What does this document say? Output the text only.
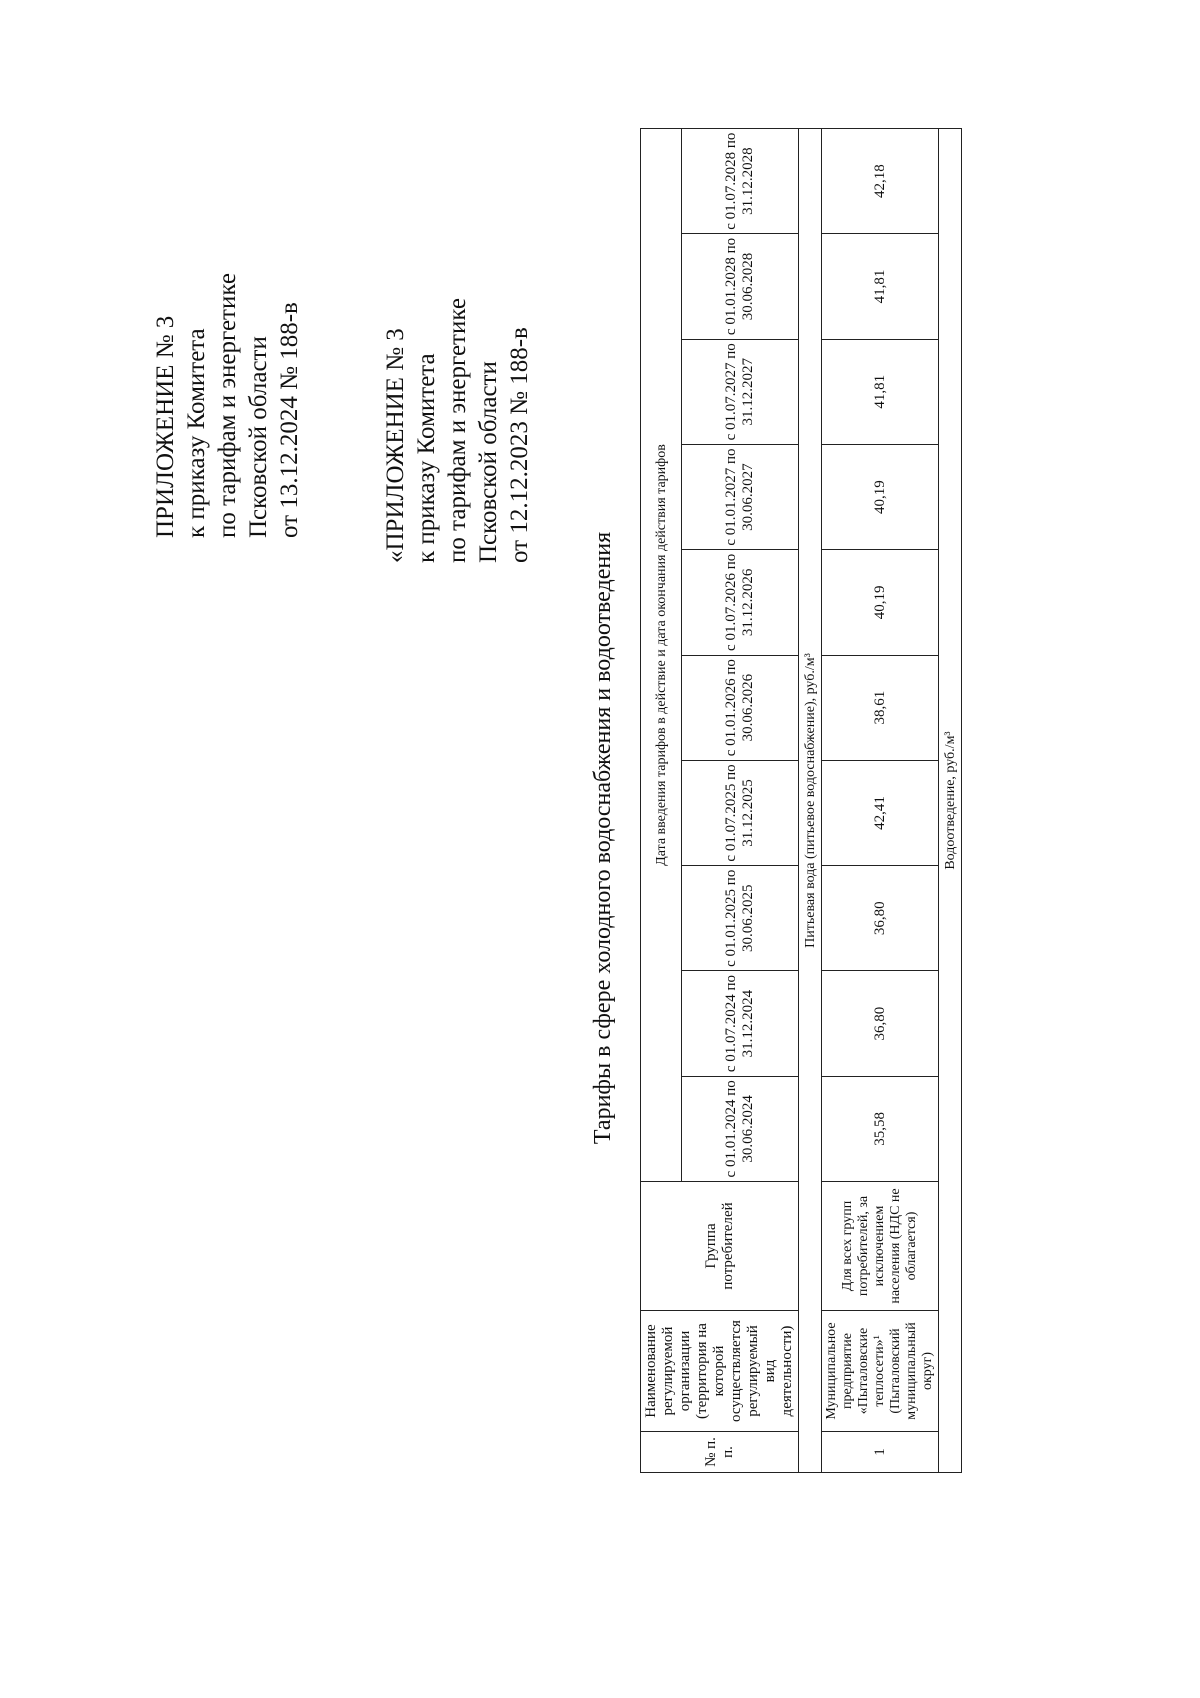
ПРИЛОЖЕНИЕ № 3 к приказу Комитета по тарифам и энергетике Псковской области от 13.12.2024 № 188-в	«ПРИЛОЖЕНИЕ № 3 к приказу Комитета по тарифам и энергетике Псковской области от 12.12.2023 № 188-в
Тарифы в сфере холодного водоснабжения и водоотведения
№ п. п.	Наименование регулируемой организации (территория на которой осуществляется регулируемый вид деятельности)	Группа потребителей	Дата введения тарифов в действие и дата окончания действия тарифов									
			с 01.01.2024 по 30.06.2024	с 01.07.2024 по 31.12.2024	с 01.01.2025 по 30.06.2025	с 01.07.2025 по 31.12.2025	с 01.01.2026 по 30.06.2026	с 01.07.2026 по 31.12.2026	с 01.01.2027 по 30.06.2027	с 01.07.2027 по 31.12.2027	с 01.01.2028 по 30.06.2028	с 01.07.2028 по 31.12.2028
Питьевая вода (питьевое водоснабжение), руб./м³												
1	Муниципальное предприятие «Пыталовские теплосети»¹ (Пыталовский муниципальный округ)	Для всех групп потребителей, за исключением населения (НДС не облагается)	35,58	36,80	36,80	42,41	38,61	40,19	40,19	41,81	41,81	42,18
Водоотведение, руб./м³												
